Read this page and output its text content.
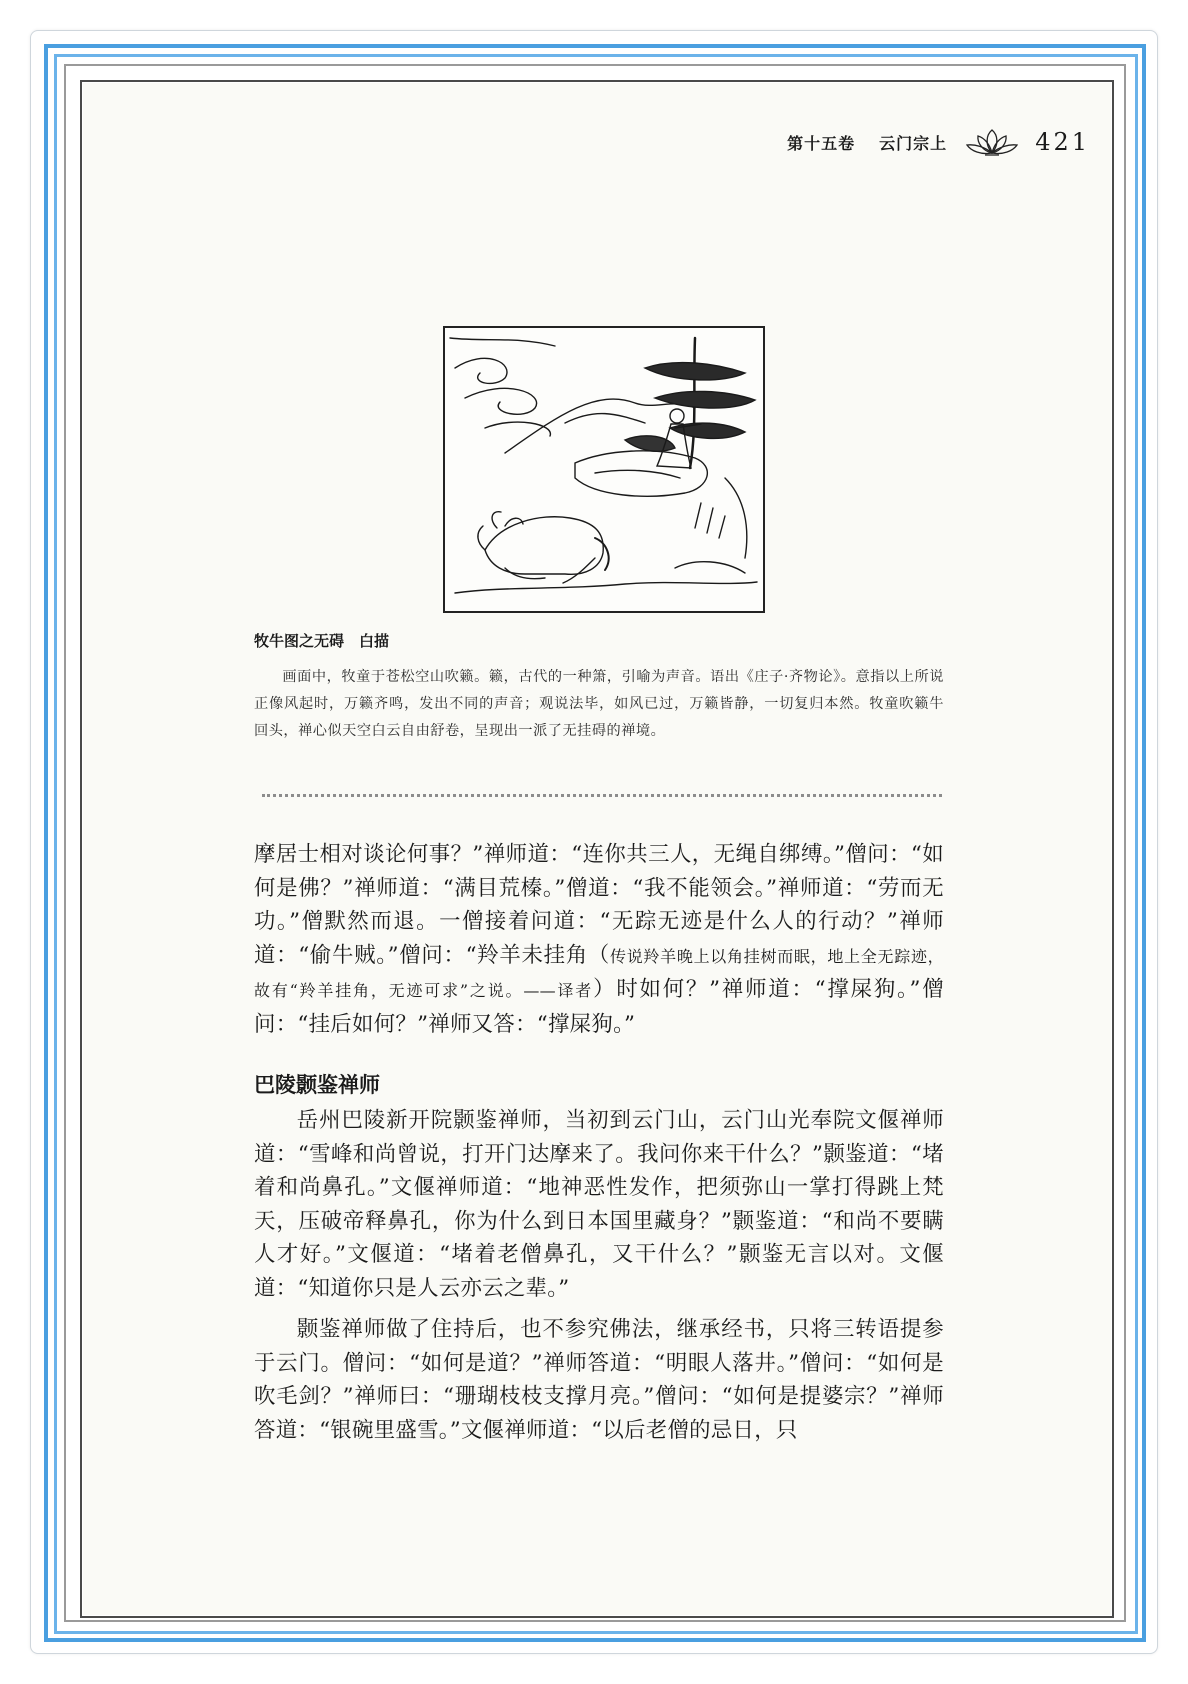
第十五卷 云门宗上	421
牧牛图之无碍　白描
画面中，牧童于苍松空山吹籁。籁，古代的一种箫，引喻为声音。语出《庄子·齐物论》。意指以上所说正像风起时，万籁齐鸣，发出不同的声音；观说法毕，如风已过，万籁皆静，一切复归本然。牧童吹籁牛回头，禅心似天空白云自由舒卷，呈现出一派了无挂碍的禅境。
摩居士相对谈论何事？”禅师道：“连你共三人，无绳自绑缚。”僧问：“如何是佛？”禅师道：“满目荒榛。”僧道：“我不能领会。”禅师道：“劳而无功。”僧默然而退。一僧接着问道：“无踪无迹是什么人的行动？”禅师道：“偷牛贼。”僧问：“羚羊未挂角（传说羚羊晚上以角挂树而眠，地上全无踪迹，故有“羚羊挂角，无迹可求”之说。——译者）时如何？”禅师道：“撑屎狗。”僧问：“挂后如何？”禅师又答：“撑屎狗。”
巴陵颢鉴禅师
岳州巴陵新开院颢鉴禅师，当初到云门山，云门山光奉院文偃禅师道：“雪峰和尚曾说，打开门达摩来了。我问你来干什么？”颢鉴道：“堵着和尚鼻孔。”文偃禅师道：“地神恶性发作，把须弥山一掌打得跳上梵天，压破帝释鼻孔，你为什么到日本国里藏身？”颢鉴道：“和尚不要瞒人才好。”文偃道：“堵着老僧鼻孔，又干什么？”颢鉴无言以对。文偃道：“知道你只是人云亦云之辈。”
颢鉴禅师做了住持后，也不参究佛法，继承经书，只将三转语提参于云门。僧问：“如何是道？”禅师答道：“明眼人落井。”僧问：“如何是吹毛剑？”禅师曰：“珊瑚枝枝支撑月亮。”僧问：“如何是提婆宗？”禅师答道：“银碗里盛雪。”文偃禅师道：“以后老僧的忌日，只
